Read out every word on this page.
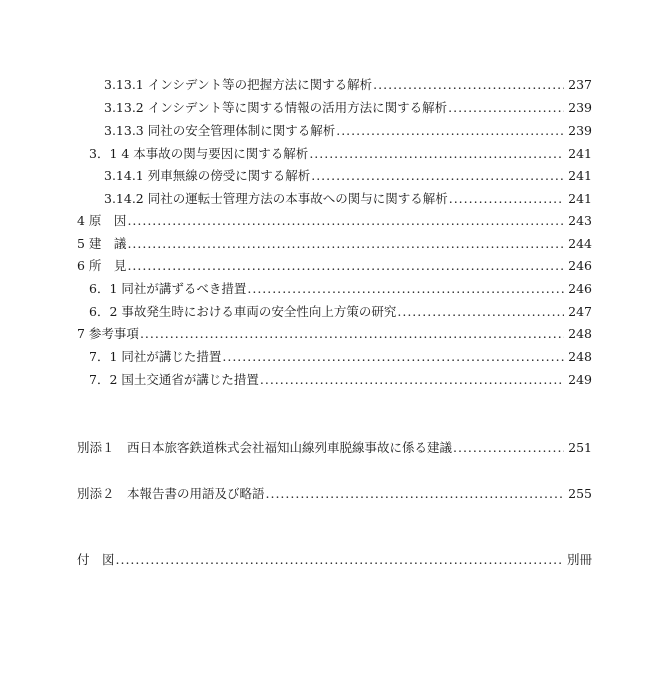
3.13.1 インシデント等の把握方法に関する解析 .....	237
3.13.2 インシデント等に関する情報の活用方法に関する解析 .....	239
3.13.3 同社の安全管理体制に関する解析 .....	239
3．1 4 本事故の関与要因に関する解析 .....	241
3.14.1 列車無線の傍受に関する解析 .....	241
3.14.2 同社の運転士管理方法の本事故への関与に関する解析 .....	241
4 原　因 .....	243
5 建　議 .....	244
6 所　見 .....	246
6．1 同社が講ずるべき措置 .....	246
6．2 事故発生時における車両の安全性向上方策の研究 .....	247
7 参考事項 .....	248
7．1 同社が講じた措置 .....	248
7．2 国土交通省が講じた措置 .....	249
別添１　西日本旅客鉄道株式会社福知山線列車脱線事故に係る建議 .....	251
別添２　本報告書の用語及び略語 .....	255
付　図 .....	別冊
